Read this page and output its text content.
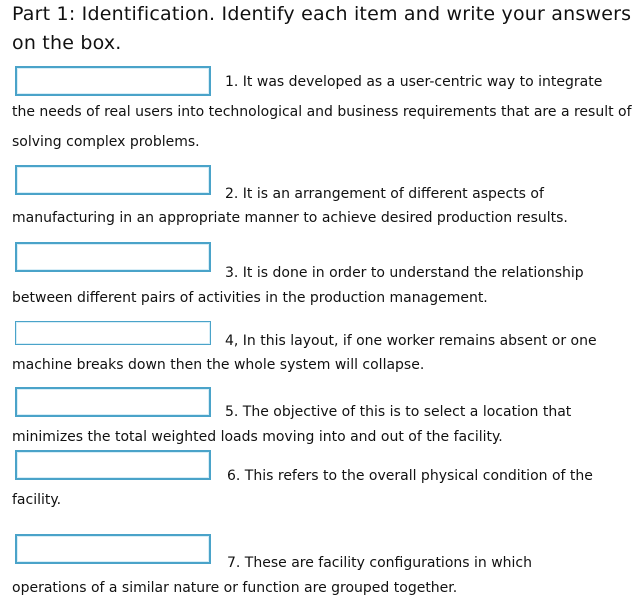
Part 1: Identification. Identify each item and write your answers on the box.
1. It was developed as a user-centric way to integrate
the needs of real users into technological and business requirements that are a result of solving complex problems.
2. It is an arrangement of different aspects of
manufacturing in an appropriate manner to achieve desired production results.
3. It is done in order to understand the relationship
between different pairs of activities in the production management.
4, In this layout, if one worker remains absent or one
machine breaks down then the whole system will collapse.
5. The objective of this is to select a location that
minimizes the total weighted loads moving into and out of the facility.
6. This refers to the overall physical condition of the
facility.
7. These are facility configurations in which
operations of a similar nature or function are grouped together.
